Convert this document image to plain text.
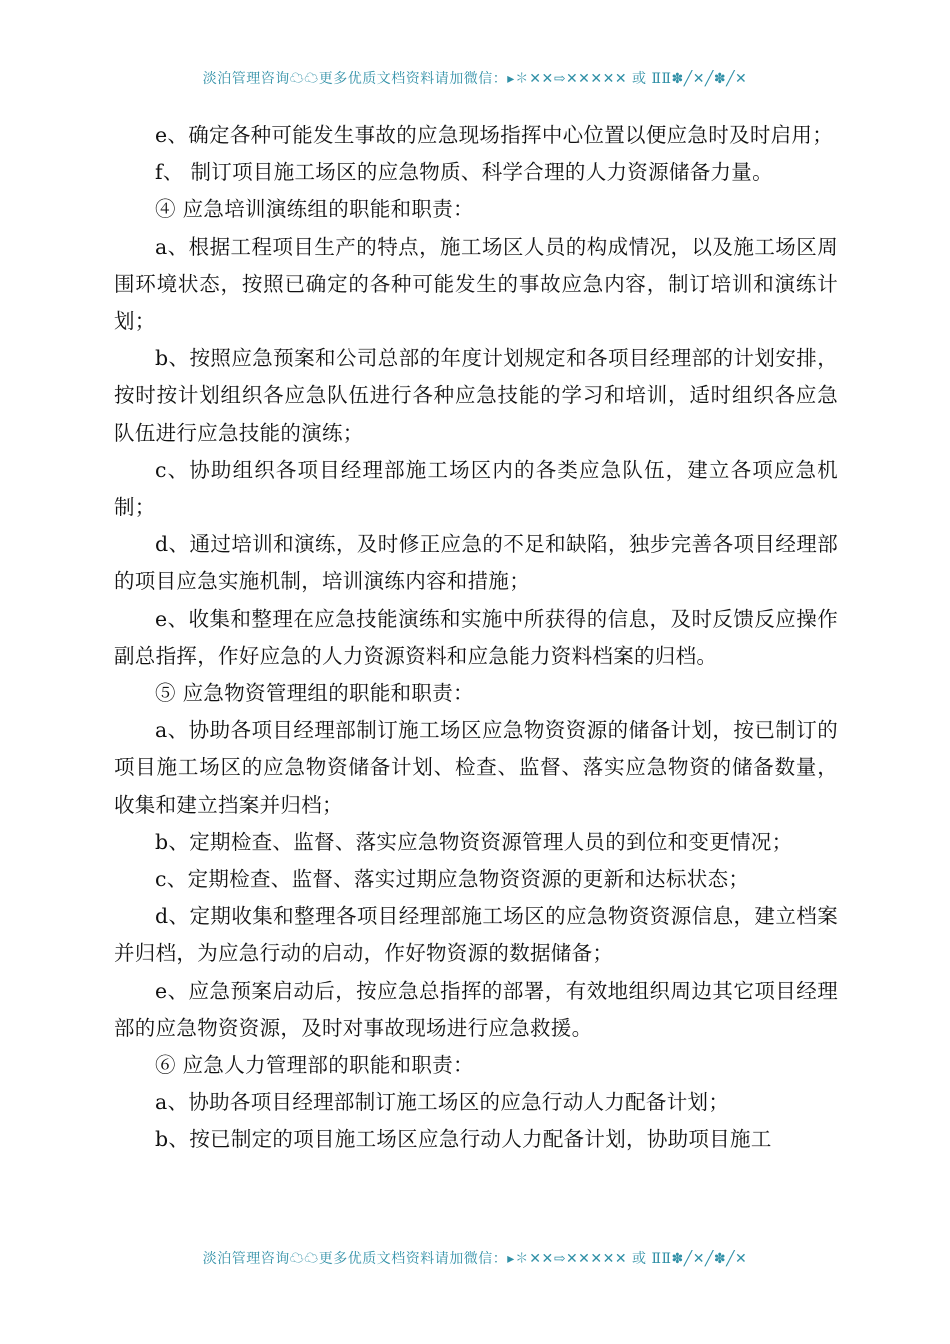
淡泊管理咨询☁☁更多优质文档资料请加微信：▸✽✕✕⇨✕✕✕✕✕ 或 ⅡⅡ✽╱✕╱✽╱✕

e、确定各种可能发生事故的应急现场指挥中心位置以便应急时及时启用；

f、 制订项目施工场区的应急物质、科学合理的人力资源储备力量。

④ 应急培训演练组的职能和职责：

a、根据工程项目生产的特点，施工场区人员的构成情况，以及施工场区周围环境状态，按照已确定的各种可能发生的事故应急内容，制订培训和演练计划；

b、按照应急预案和公司总部的年度计划规定和各项目经理部的计划安排，按时按计划组织各应急队伍进行各种应急技能的学习和培训，适时组织各应急队伍进行应急技能的演练；

c、协助组织各项目经理部施工场区内的各类应急队伍，建立各项应急机制；

d、通过培训和演练，及时修正应急的不足和缺陷，独步完善各项目经理部的项目应急实施机制，培训演练内容和措施；

e、收集和整理在应急技能演练和实施中所获得的信息，及时反馈反应操作副总指挥，作好应急的人力资源资料和应急能力资料档案的归档。

⑤ 应急物资管理组的职能和职责：

a、协助各项目经理部制订施工场区应急物资资源的储备计划，按已制订的项目施工场区的应急物资储备计划、检查、监督、落实应急物资的储备数量，收集和建立挡案并归档；

b、定期检查、监督、落实应急物资资源管理人员的到位和变更情况；

c、定期检查、监督、落实过期应急物资资源的更新和达标状态；

d、定期收集和整理各项目经理部施工场区的应急物资资源信息，建立档案并归档，为应急行动的启动，作好物资源的数据储备；

e、应急预案启动后，按应急总指挥的部署，有效地组织周边其它项目经理部的应急物资资源，及时对事故现场进行应急救援。

⑥ 应急人力管理部的职能和职责：

a、协助各项目经理部制订施工场区的应急行动人力配备计划；

b、按已制定的项目施工场区应急行动人力配备计划，协助项目施工

淡泊管理咨询☁☁更多优质文档资料请加微信：▸✽✕✕⇨✕✕✕✕✕ 或 ⅡⅡ✽╱✕╱✽╱✕
